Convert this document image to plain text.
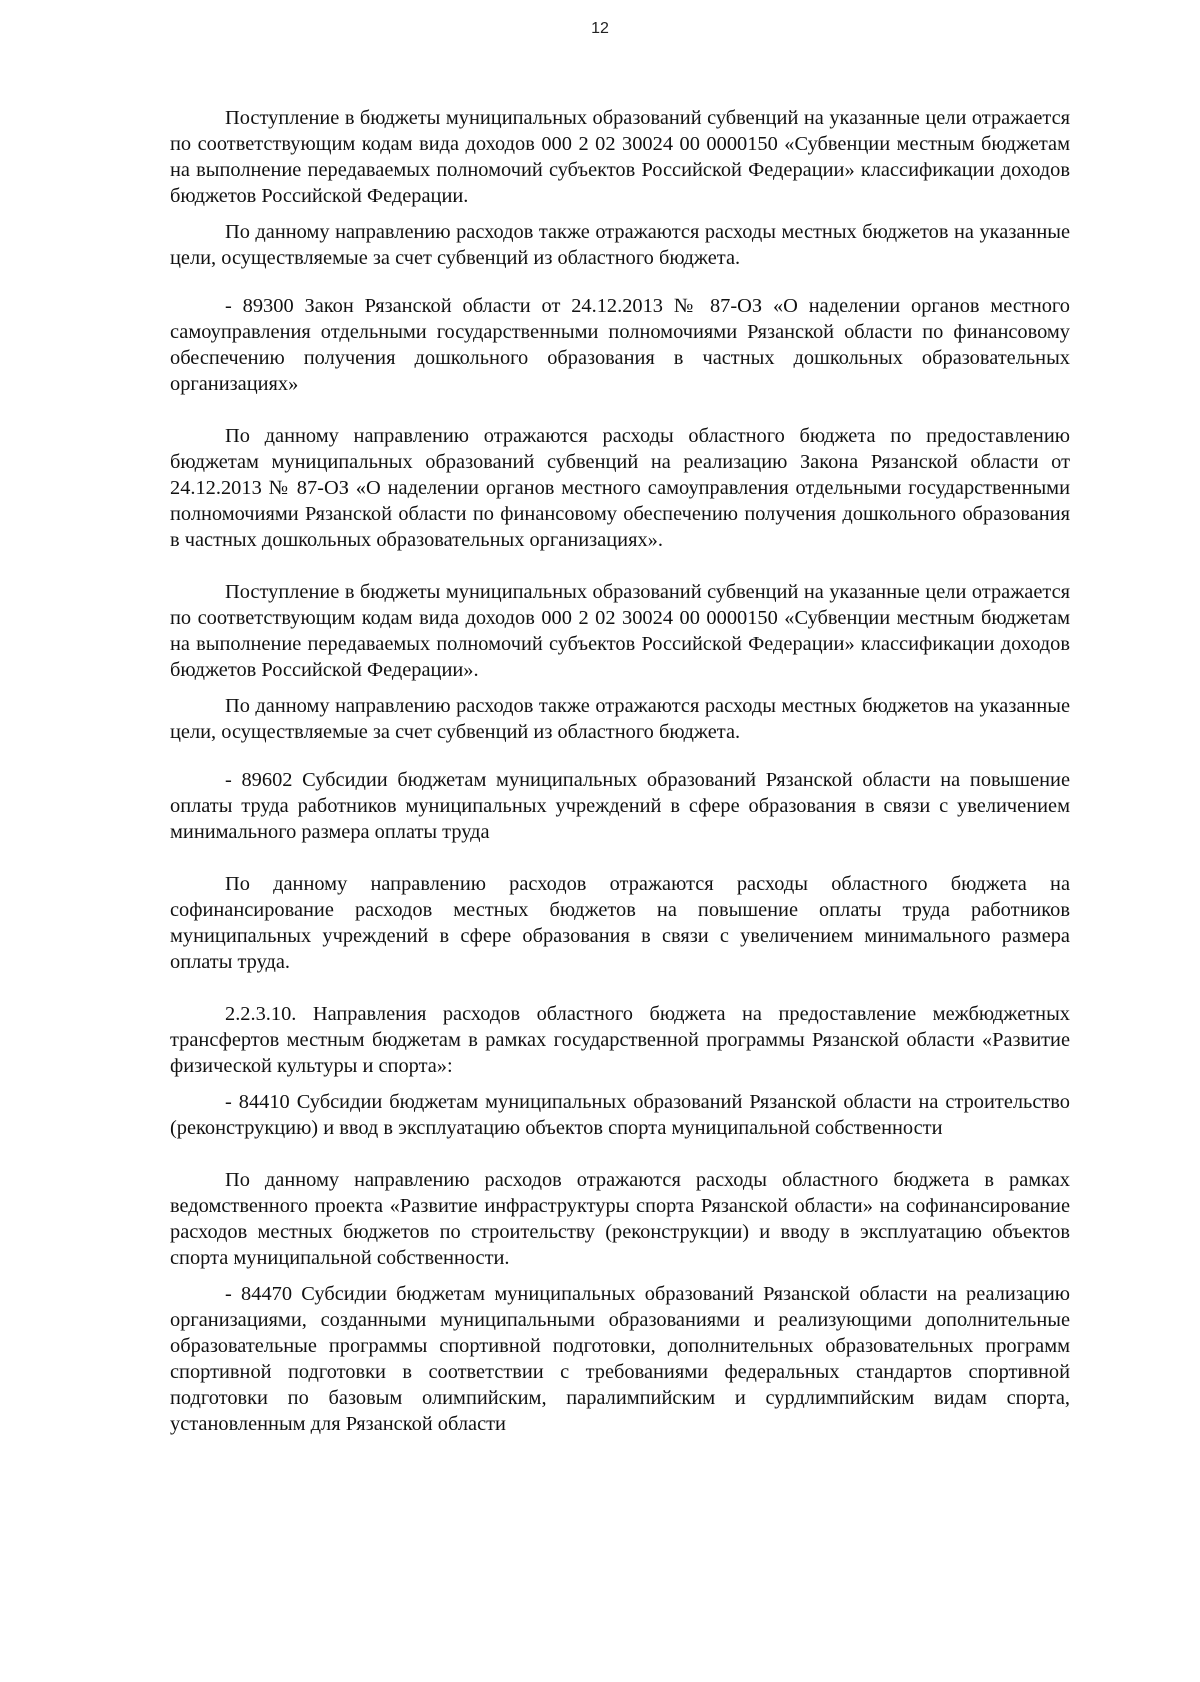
12

Поступление в бюджеты муниципальных образований субвенций на указанные цели отражается по соответствующим кодам вида доходов 000 2 02 30024 00 0000150 «Субвенции местным бюджетам на выполнение передаваемых полномочий субъектов Российской Федерации» классификации доходов бюджетов Российской Федерации.

По данному направлению расходов также отражаются расходы местных бюджетов на указанные цели, осуществляемые за счет субвенций из областного бюджета.

- 89300 Закон Рязанской области от 24.12.2013 № 87-ОЗ «О наделении органов местного самоуправления отдельными государственными полномочиями Рязанской области по финансовому обеспечению получения дошкольного образования в частных дошкольных образовательных организациях»

По данному направлению отражаются расходы областного бюджета по предоставлению бюджетам муниципальных образований субвенций на реализацию Закона Рязанской области от 24.12.2013 № 87-ОЗ «О наделении органов местного самоуправления отдельными государственными полномочиями Рязанской области по финансовому обеспечению получения дошкольного образования в частных дошкольных образовательных организациях».

Поступление в бюджеты муниципальных образований субвенций на указанные цели отражается по соответствующим кодам вида доходов 000 2 02 30024 00 0000150 «Субвенции местным бюджетам на выполнение передаваемых полномочий субъектов Российской Федерации» классификации доходов бюджетов Российской Федерации».

По данному направлению расходов также отражаются расходы местных бюджетов на указанные цели, осуществляемые за счет субвенций из областного бюджета.

- 89602 Субсидии бюджетам муниципальных образований Рязанской области на повышение оплаты труда работников муниципальных учреждений в сфере образования в связи с увеличением минимального размера оплаты труда

По данному направлению расходов отражаются расходы областного бюджета на софинансирование расходов местных бюджетов на повышение оплаты труда работников муниципальных учреждений в сфере образования в связи с увеличением минимального размера оплаты труда.

2.2.3.10. Направления расходов областного бюджета на предоставление межбюджетных трансфертов местным бюджетам в рамках государственной программы Рязанской области «Развитие физической культуры и спорта»:

- 84410 Субсидии бюджетам муниципальных образований Рязанской области на строительство (реконструкцию) и ввод в эксплуатацию объектов спорта муниципальной собственности

По данному направлению расходов отражаются расходы областного бюджета в рамках ведомственного проекта «Развитие инфраструктуры спорта Рязанской области» на софинансирование расходов местных бюджетов по строительству (реконструкции) и вводу в эксплуатацию объектов спорта муниципальной собственности.

- 84470 Субсидии бюджетам муниципальных образований Рязанской области на реализацию организациями, созданными муниципальными образованиями и реализующими дополнительные образовательные программы спортивной подготовки, дополнительных образовательных программ спортивной подготовки в соответствии с требованиями федеральных стандартов спортивной подготовки по базовым олимпийским, паралимпийским и сурдлимпийским видам спорта, установленным для Рязанской области
